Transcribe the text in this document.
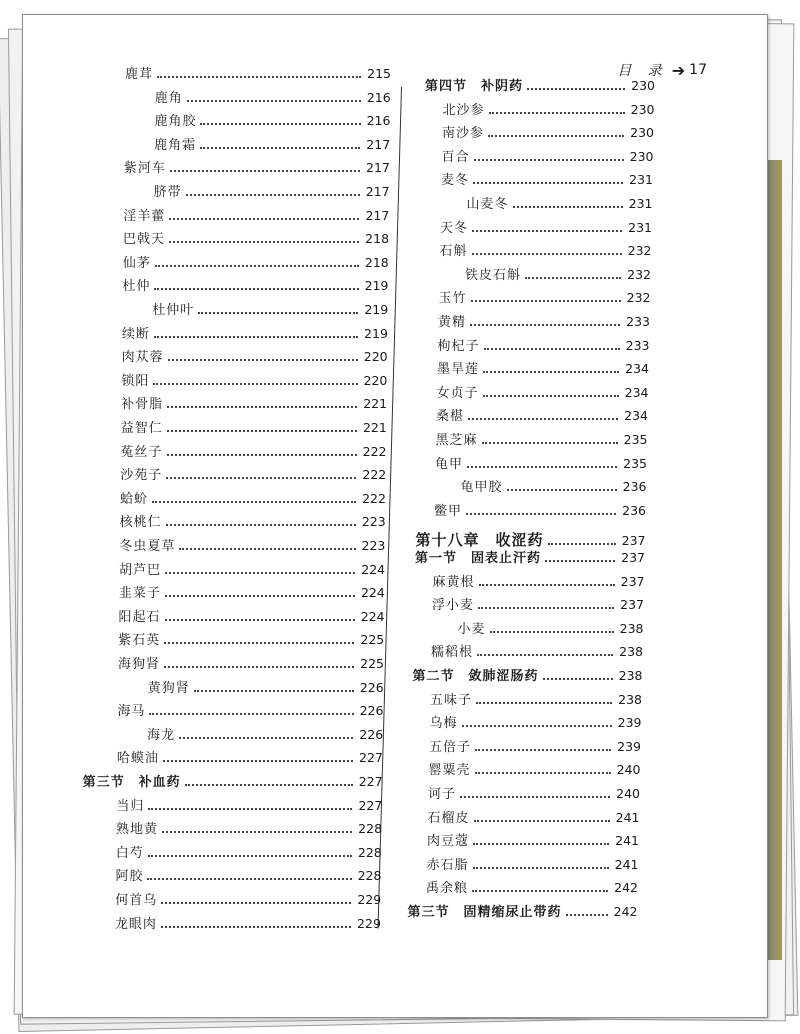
目 录 ➔ 17
鹿茸	215
鹿角	216
鹿角胶	216
鹿角霜	217
紫河车	217
脐带	217
淫羊藿	217
巴戟天	218
仙茅	218
杜仲	219
杜仲叶	219
续断	219
肉苁蓉	220
锁阳	220
补骨脂	221
益智仁	221
菟丝子	222
沙苑子	222
蛤蚧	222
核桃仁	223
冬虫夏草	223
胡芦巴	224
韭菜子	224
阳起石	224
紫石英	225
海狗肾	225
黄狗肾	226
海马	226
海龙	226
哈蟆油	227
第三节　补血药	227
当归	227
熟地黄	228
白芍	228
阿胶	228
何首乌	229
龙眼肉	229
第四节　补阴药	230
北沙参	230
南沙参	230
百合	230
麦冬	231
山麦冬	231
天冬	231
石斛	232
铁皮石斛	232
玉竹	232
黄精	233
枸杞子	233
墨旱莲	234
女贞子	234
桑椹	234
黑芝麻	235
龟甲	235
龟甲胶	236
鳖甲	236
第十八章　收涩药	237
第一节　固表止汗药	237
麻黄根	237
浮小麦	237
小麦	238
糯稻根	238
第二节　敛肺涩肠药	238
五味子	238
乌梅	239
五倍子	239
罂粟壳	240
诃子	240
石榴皮	241
肉豆蔻	241
赤石脂	241
禹余粮	242
第三节　固精缩尿止带药	242
